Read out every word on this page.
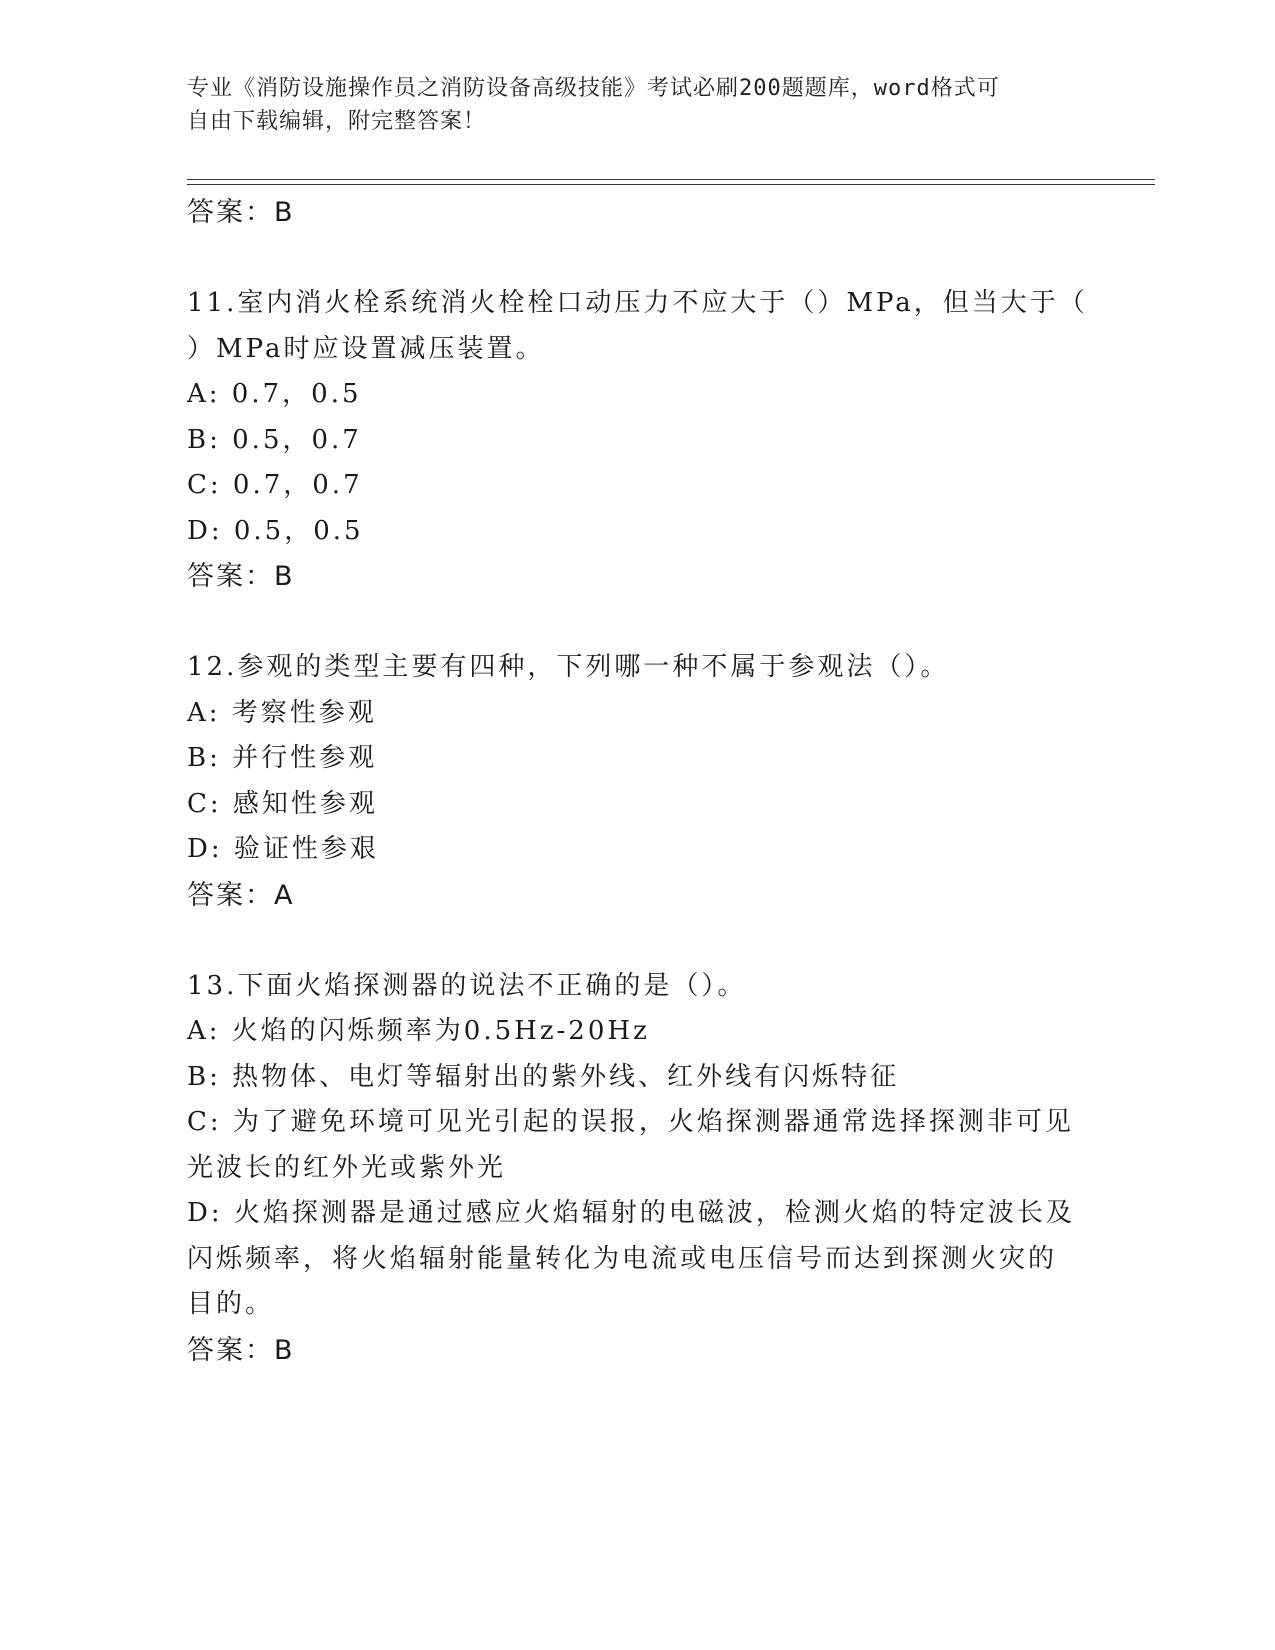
专业《消防设施操作员之消防设备高级技能》考试必刷200题题库，word格式可
自由下载编辑，附完整答案！
答案：B
11.室内消火栓系统消火栓栓口动压力不应大于（）MPa，但当大于（
）MPa时应设置减压装置。
A: 0.7，0.5
B: 0.5，0.7
C: 0.7，0.7
D: 0.5，0.5
答案：B
12.参观的类型主要有四种，下列哪一种不属于参观法（）。
A: 考察性参观
B: 并行性参观
C: 感知性参观
D: 验证性参艰
答案：A
13.下面火焰探测器的说法不正确的是（）。
A: 火焰的闪烁频率为0.5Hz-20Hz
B: 热物体、电灯等辐射出的紫外线、红外线有闪烁特征
C: 为了避免环境可见光引起的误报，火焰探测器通常选择探测非可见
光波长的红外光或紫外光
D: 火焰探测器是通过感应火焰辐射的电磁波，检测火焰的特定波长及
闪烁频率，将火焰辐射能量转化为电流或电压信号而达到探测火灾的
目的。
答案：B
